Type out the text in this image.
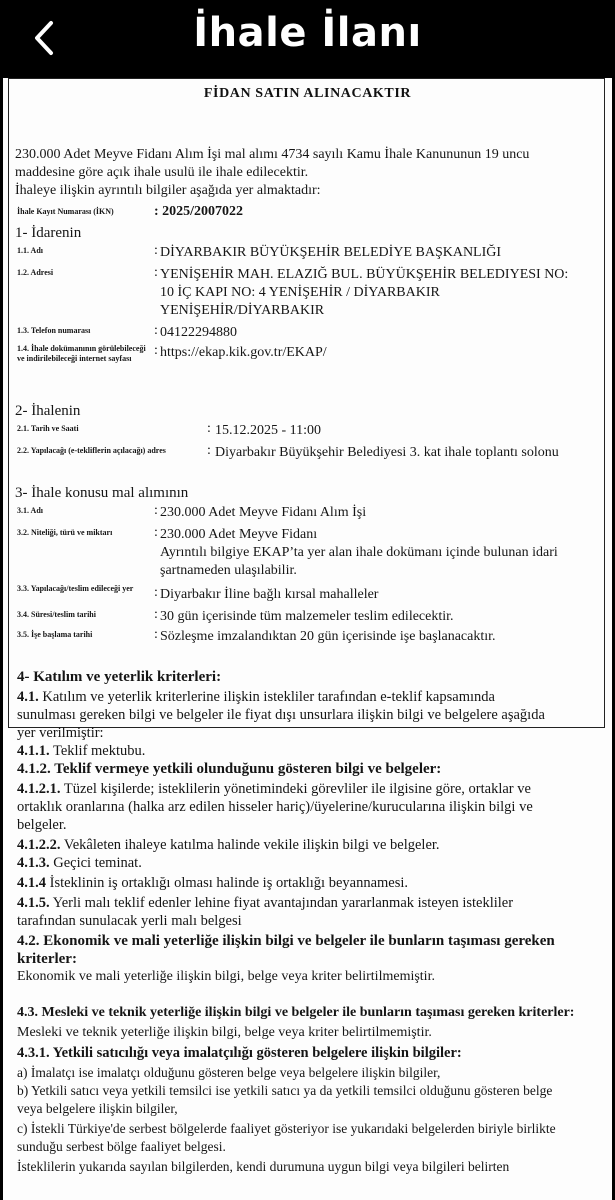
İhale İlanı
FİDAN SATIN ALINACAKTIR
230.000 Adet Meyve Fidanı Alım İşi mal alımı 4734 sayılı Kamu İhale Kanununun 19 uncu
maddesine göre açık ihale usulü ile ihale edilecektir.
İhaleye ilişkin ayrıntılı bilgiler aşağıda yer almaktadır:
İhale Kayıt Numarası (İKN)	: 2025/2007022
1- İdarenin
1.1. Adı	: DİYARBAKIR BÜYÜKŞEHİR BELEDİYE BAŞKANLIĞI
1.2. Adresi	: YENİŞEHİR MAH. ELAZIĞ BUL. BÜYÜKŞEHİR BELEDIYESI NO:
10 İÇ KAPI NO: 4 YENİŞEHİR / DİYARBAKIR
YENİŞEHİR/DİYARBAKIR
1.3. Telefon numarası	: 04122294880
1.4. İhale dokümanının görülebileceği ve indirilebileceği internet sayfası
: https://ekap.kik.gov.tr/EKAP/
2- İhalenin
2.1. Tarih ve Saati	: 15.12.2025 - 11:00
2.2. Yapılacağı (e-tekliflerin açılacağı) adres	: Diyarbakır Büyükşehir Belediyesi 3. kat ihale toplantı solonu
3- İhale konusu mal alımının
3.1. Adı	: 230.000 Adet Meyve Fidanı Alım İşi
3.2. Niteliği, türü ve miktarı	: 230.000 Adet Meyve Fidanı
Ayrıntılı bilgiye EKAP’ta yer alan ihale dokümanı içinde bulunan idari
şartnameden ulaşılabilir.
3.3. Yapılacağı/teslim edileceği yer	: Diyarbakır İline bağlı kırsal mahalleler
3.4. Süresi/teslim tarihi	: 30 gün içerisinde tüm malzemeler teslim edilecektir.
3.5. İşe başlama tarihi	: Sözleşme imzalandıktan 20 gün içerisinde işe başlanacaktır.
4- Katılım ve yeterlik kriterleri:
4.1. Katılım ve yeterlik kriterlerine ilişkin istekliler tarafından e-teklif kapsamında
sunulması gereken bilgi ve belgeler ile fiyat dışı unsurlara ilişkin bilgi ve belgelere aşağıda
yer verilmiştir:
4.1.1. Teklif mektubu.
4.1.2. Teklif vermeye yetkili olunduğunu gösteren bilgi ve belgeler:
4.1.2.1. Tüzel kişilerde; isteklilerin yönetimindeki görevliler ile ilgisine göre, ortaklar ve
ortaklık oranlarına (halka arz edilen hisseler hariç)/üyelerine/kurucularına ilişkin bilgi ve
belgeler.
4.1.2.2. Vekâleten ihaleye katılma halinde vekile ilişkin bilgi ve belgeler.
4.1.3. Geçici teminat.
4.1.4 İsteklinin iş ortaklığı olması halinde iş ortaklığı beyannamesi.
4.1.5. Yerli malı teklif edenler lehine fiyat avantajından yararlanmak isteyen istekliler
tarafından sunulacak yerli malı belgesi
4.2. Ekonomik ve mali yeterliğe ilişkin bilgi ve belgeler ile bunların taşıması gereken
kriterler:
Ekonomik ve mali yeterliğe ilişkin bilgi, belge veya kriter belirtilmemiştir.
4.3. Mesleki ve teknik yeterliğe ilişkin bilgi ve belgeler ile bunların taşıması gereken kriterler:
Mesleki ve teknik yeterliğe ilişkin bilgi, belge veya kriter belirtilmemiştir.
4.3.1. Yetkili satıcılığı veya imalatçılığı gösteren belgelere ilişkin bilgiler:
a) İmalatçı ise imalatçı olduğunu gösteren belge veya belgelere ilişkin bilgiler,
b) Yetkili satıcı veya yetkili temsilci ise yetkili satıcı ya da yetkili temsilci olduğunu gösteren belge
veya belgelere ilişkin bilgiler,
c) İstekli Türkiye'de serbest bölgelerde faaliyet gösteriyor ise yukarıdaki belgelerden biriyle birlikte
sunduğu serbest bölge faaliyet belgesi.
İsteklilerin yukarıda sayılan bilgilerden, kendi durumuna uygun bilgi veya bilgileri belirten
